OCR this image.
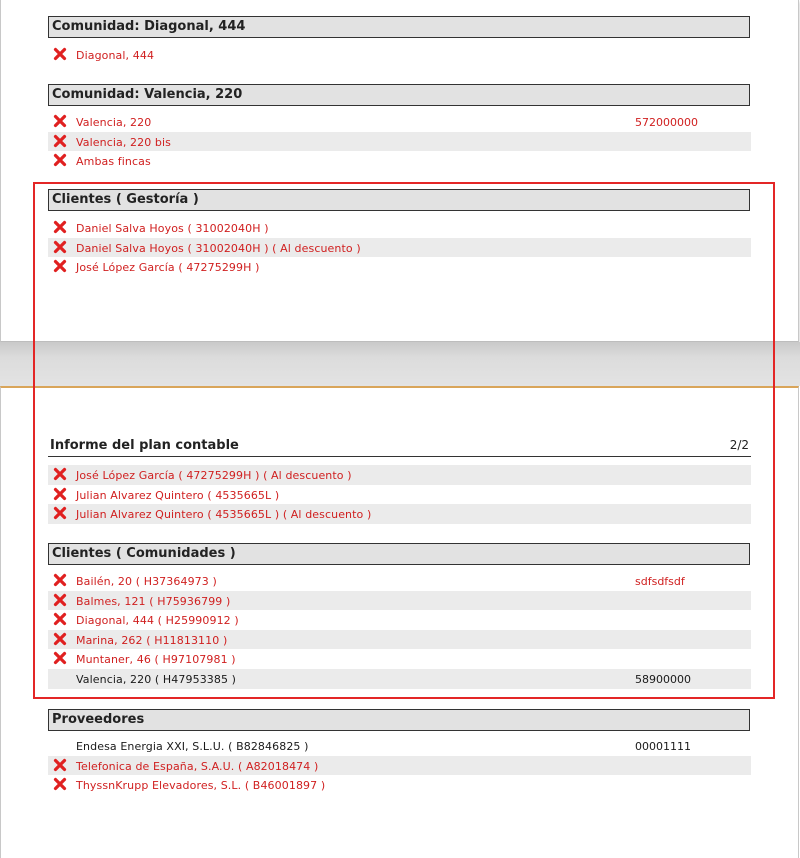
Comunidad: Diagonal, 444
Diagonal, 444
Comunidad: Valencia, 220
Valencia, 220	572000000
Valencia, 220 bis
Ambas fincas
Clientes ( Gestoría )
Daniel Salva Hoyos ( 31002040H )
Daniel Salva Hoyos ( 31002040H ) ( Al descuento )
José López García ( 47275299H )
Informe del plan contable	2/2
José López García ( 47275299H ) ( Al descuento )
Julian Alvarez Quintero ( 4535665L )
Julian Alvarez Quintero ( 4535665L ) ( Al descuento )
Clientes ( Comunidades )
Bailén, 20 ( H37364973 )	sdfsdfsdf
Balmes, 121 ( H75936799 )
Diagonal, 444 ( H25990912 )
Marina, 262 ( H11813110 )
Muntaner, 46 ( H97107981 )
Valencia, 220 ( H47953385 )	58900000
Proveedores
Endesa Energia XXI, S.L.U. ( B82846825 )	00001111
Telefonica de España, S.A.U. ( A82018474 )
ThyssnKrupp Elevadores, S.L. ( B46001897 )
